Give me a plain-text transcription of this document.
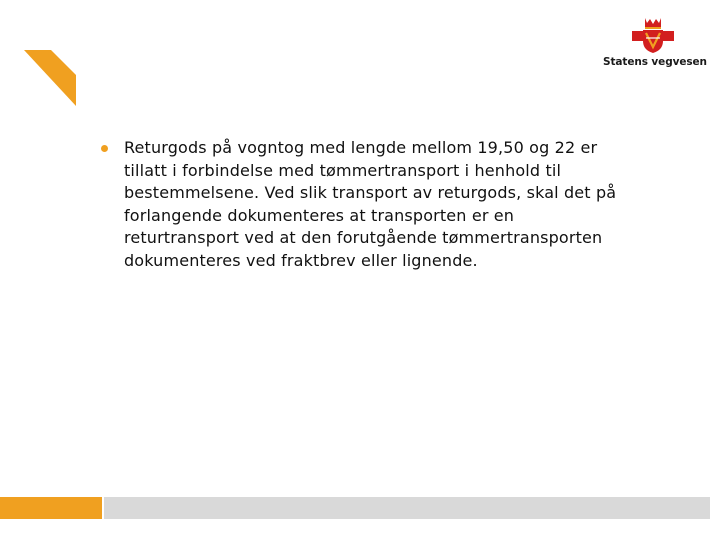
Statens vegvesen
Returgods på vogntog med lengde mellom 19,50 og 22 er
tillatt i forbindelse med tømmertransport i henhold til
bestemmelsene. Ved slik transport av returgods, skal det på
forlangende dokumenteres at transporten er en
returtransport ved at den forutgående tømmertransporten
dokumenteres ved fraktbrev eller lignende.
